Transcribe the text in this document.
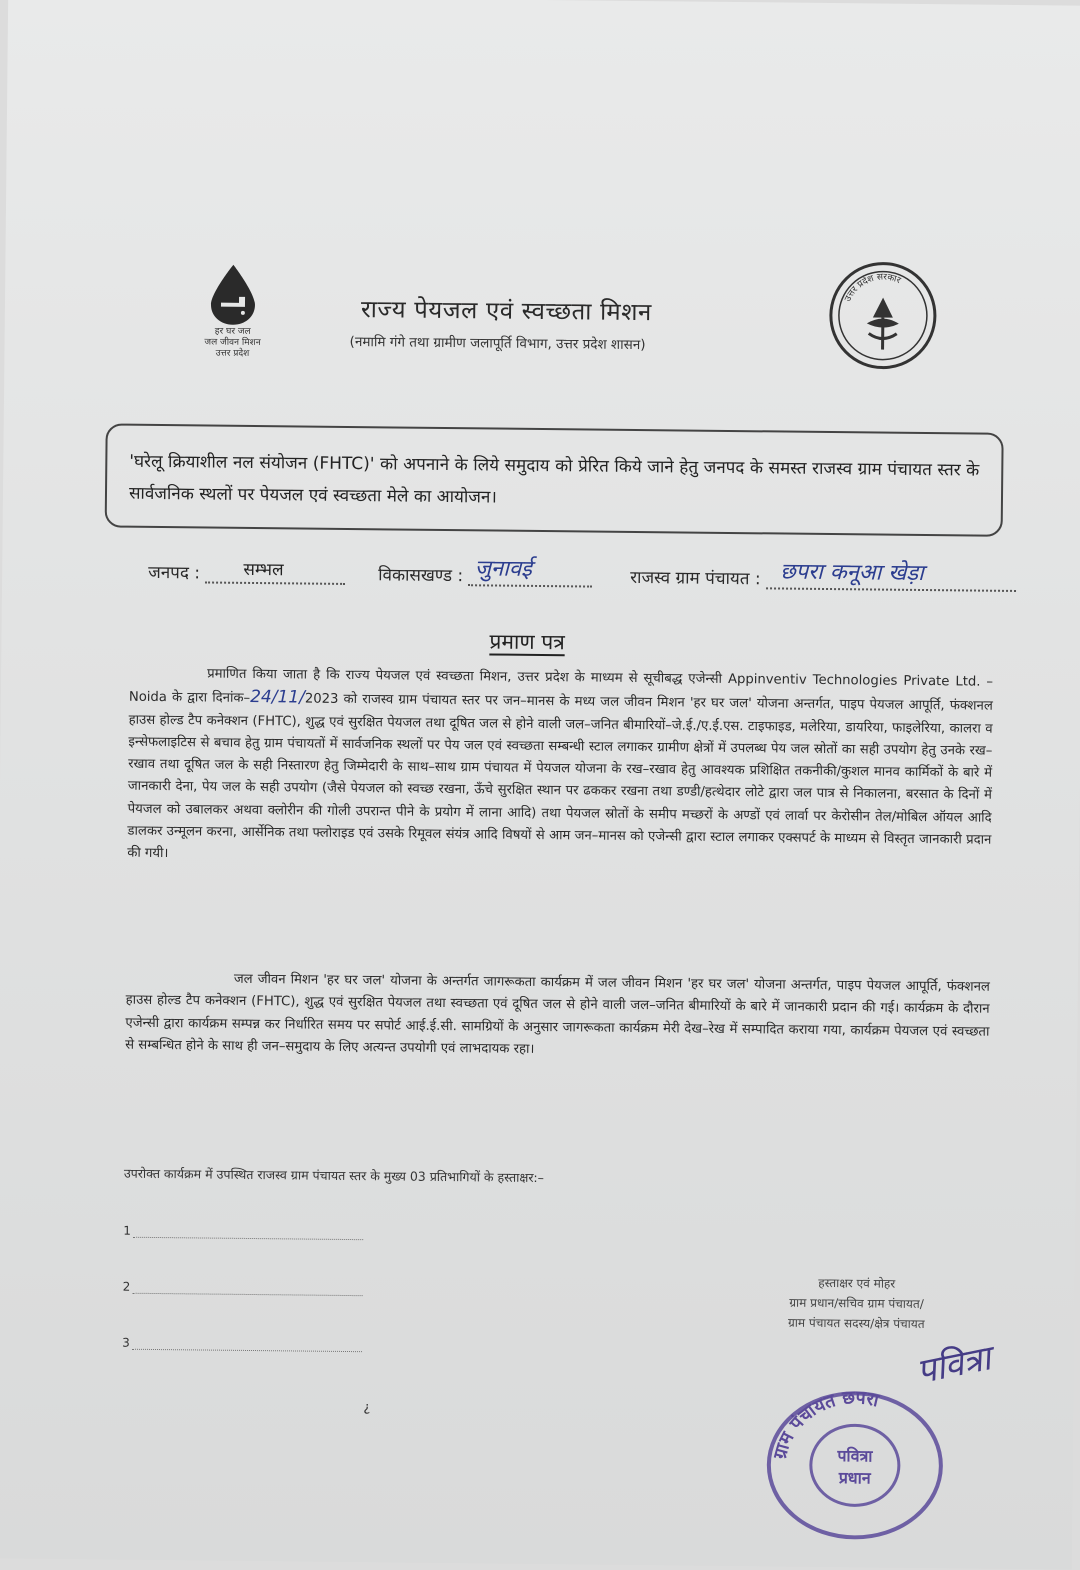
हर घर जल
जल जीवन मिशन
उत्तर प्रदेश
राज्य पेयजल एवं स्वच्छता मिशन
(नमामि गंगे तथा ग्रामीण जलापूर्ति विभाग, उत्तर प्रदेश शासन)
उत्तर प्रदेश सरकार

'घरेलू क्रियाशील नल संयोजन (FHTC)' को अपनाने के लिये समुदाय को प्रेरित किये जाने हेतु जनपद के समस्त राजस्व ग्राम पंचायत स्तर के सार्वजनिक स्थलों पर पेयजल एवं स्वच्छता मेले का आयोजन।

जनपद :	सम्भल	विकासखण्ड : जुनावई	राजस्व ग्राम पंचायत : छपरा कनूआ खेड़ा
प्रमाण पत्र

प्रमाणित किया जाता है कि राज्य पेयजल एवं स्वच्छता मिशन, उत्तर प्रदेश के माध्यम से सूचीबद्ध एजेन्सी Appinventiv Technologies Private Ltd. – Noida के द्वारा दिनांक–24/11/2023 को राजस्व ग्राम पंचायत स्तर पर जन–मानस के मध्य जल जीवन मिशन 'हर घर जल' योजना अन्तर्गत, पाइप पेयजल आपूर्ति, फंक्शनल हाउस होल्ड टैप कनेक्शन (FHTC), शुद्ध एवं सुरक्षित पेयजल तथा दूषित जल से होने वाली जल–जनित बीमारियों–जे.ई./ए.ई.एस. टाइफाइड, मलेरिया, डायरिया, फाइलेरिया, कालरा व इन्सेफलाइटिस से बचाव हेतु ग्राम पंचायतों में सार्वजनिक स्थलों पर पेय जल एवं स्वच्छता सम्बन्धी स्टाल लगाकर ग्रामीण क्षेत्रों में उपलब्ध पेय जल स्रोतों का सही उपयोग हेतु उनके रख–रखाव तथा दूषित जल के सही निस्तारण हेतु जिम्मेदारी के साथ–साथ ग्राम पंचायत में पेयजल योजना के रख–रखाव हेतु आवश्यक प्रशिक्षित तकनीकी/कुशल मानव कार्मिकों के बारे में जानकारी देना, पेय जल के सही उपयोग (जैसे पेयजल को स्वच्छ रखना, ऊँचे सुरक्षित स्थान पर ढककर रखना तथा डण्डी/हत्थेदार लोटे द्वारा जल पात्र से निकालना, बरसात के दिनों में पेयजल को उबालकर अथवा क्लोरीन की गोली उपरान्त पीने के प्रयोग में लाना आदि) तथा पेयजल स्रोतों के समीप मच्छरों के अण्डों एवं लार्वा पर केरोसीन तेल/मोबिल ऑयल आदि डालकर उन्मूलन करना, आर्सेनिक तथा फ्लोराइड एवं उसके रिमूवल संयंत्र आदि विषयों से आम जन–मानस को एजेन्सी द्वारा स्टाल लगाकर एक्सपर्ट के माध्यम से विस्तृत जानकारी प्रदान की गयी।

जल जीवन मिशन 'हर घर जल' योजना के अन्तर्गत जागरूकता कार्यक्रम में जल जीवन मिशन 'हर घर जल' योजना अन्तर्गत, पाइप पेयजल आपूर्ति, फंक्शनल हाउस होल्ड टैप कनेक्शन (FHTC), शुद्ध एवं सुरक्षित पेयजल तथा स्वच्छता एवं दूषित जल से होने वाली जल–जनित बीमारियों के बारे में जानकारी प्रदान की गई। कार्यक्रम के दौरान एजेन्सी द्वारा कार्यक्रम सम्पन्न कर निर्धारित समय पर सपोर्ट आई.ई.सी. सामग्रियों के अनुसार जागरूकता कार्यक्रम मेरी देख–रेख में सम्पादित कराया गया, कार्यक्रम पेयजल एवं स्वच्छता से सम्बन्धित होने के साथ ही जन–समुदाय के लिए अत्यन्त उपयोगी एवं लाभदायक रहा।

उपरोक्त कार्यक्रम में उपस्थित राजस्व ग्राम पंचायत स्तर के मुख्य 03 प्रतिभागियों के हस्ताक्षर:–
1
2
3
¿
हस्ताक्षर एवं मोहर
ग्राम प्रधान/सचिव ग्राम पंचायत/
ग्राम पंचायत सदस्य/क्षेत्र पंचायत
पवित्रा
ग्राम पंचायत छपरा
पवित्रा
प्रधान
